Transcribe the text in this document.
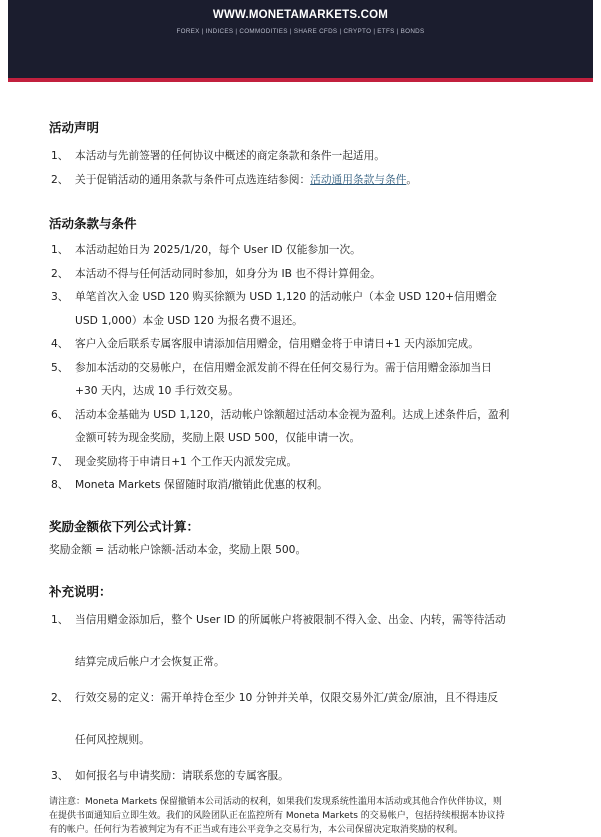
WWW.MONETAMARKETS.COM
FOREX | INDICES | COMMODITIES | SHARE CFDS | CRYPTO | ETFS | BONDS
活动声明
1、 本活动与先前签署的任何协议中概述的商定条款和条件一起适用。
2、 关于促销活动的通用条款与条件可点选连结参阅：活动通用条款与条件。
活动条款与条件
1、 本活动起始日为 2025/1/20，每个 User ID 仅能参加一次。
2、 本活动不得与任何活动同时参加，如身分为 IB 也不得计算佣金。
3、 单笔首次入金 USD 120 购买徐额为 USD 1,120 的活动帐户（本金 USD 120+信用赠金
USD 1,000）本金 USD 120 为报名费不退还。
4、 客户入金后联系专属客服申请添加信用赠金，信用赠金将于申请日+1 天内添加完成。
5、 参加本活动的交易帐户，在信用赠金派发前不得在任何交易行为。需于信用赠金添加当日
+30 天内，达成 10 手行效交易。
6、 活动本金基础为 USD 1,120，活动帐户馀额超过活动本金视为盈利。达成上述条件后，盈利
金额可转为现金奖励，奖励上限 USD 500，仅能申请一次。
7、 现金奖励将于申请日+1 个工作天内派发完成。
8、 Moneta Markets 保留随时取消/撤销此优惠的权利。
奖励金额依下列公式计算：
奖励金额 = 活动帐户馀额-活动本金，奖励上限 500。
补充说明：
1、 当信用赠金添加后，整个 User ID 的所属帐户将被限制不得入金、出金、内转，需等待活动
结算完成后帐户才会恢复正常。
2、 行效交易的定义：需开单持仓至少 10 分钟并关单，仅限交易外汇/黄金/原油，且不得违反
任何风控规则。
3、 如何报名与申请奖励：请联系您的专属客服。
请注意：Moneta Markets 保留撤销本公司活动的权利，如果我们发现系统性滥用本活动或其他合作伙伴协议，则
在提供书面通知后立即生效。我们的风险团队正在监控所有 Moneta Markets 的交易帐户，包括持续根据本协议持
有的帐户。任何行为若被判定为有不正当或有违公平竞争之交易行为，本公司保留决定取消奖励的权利。
